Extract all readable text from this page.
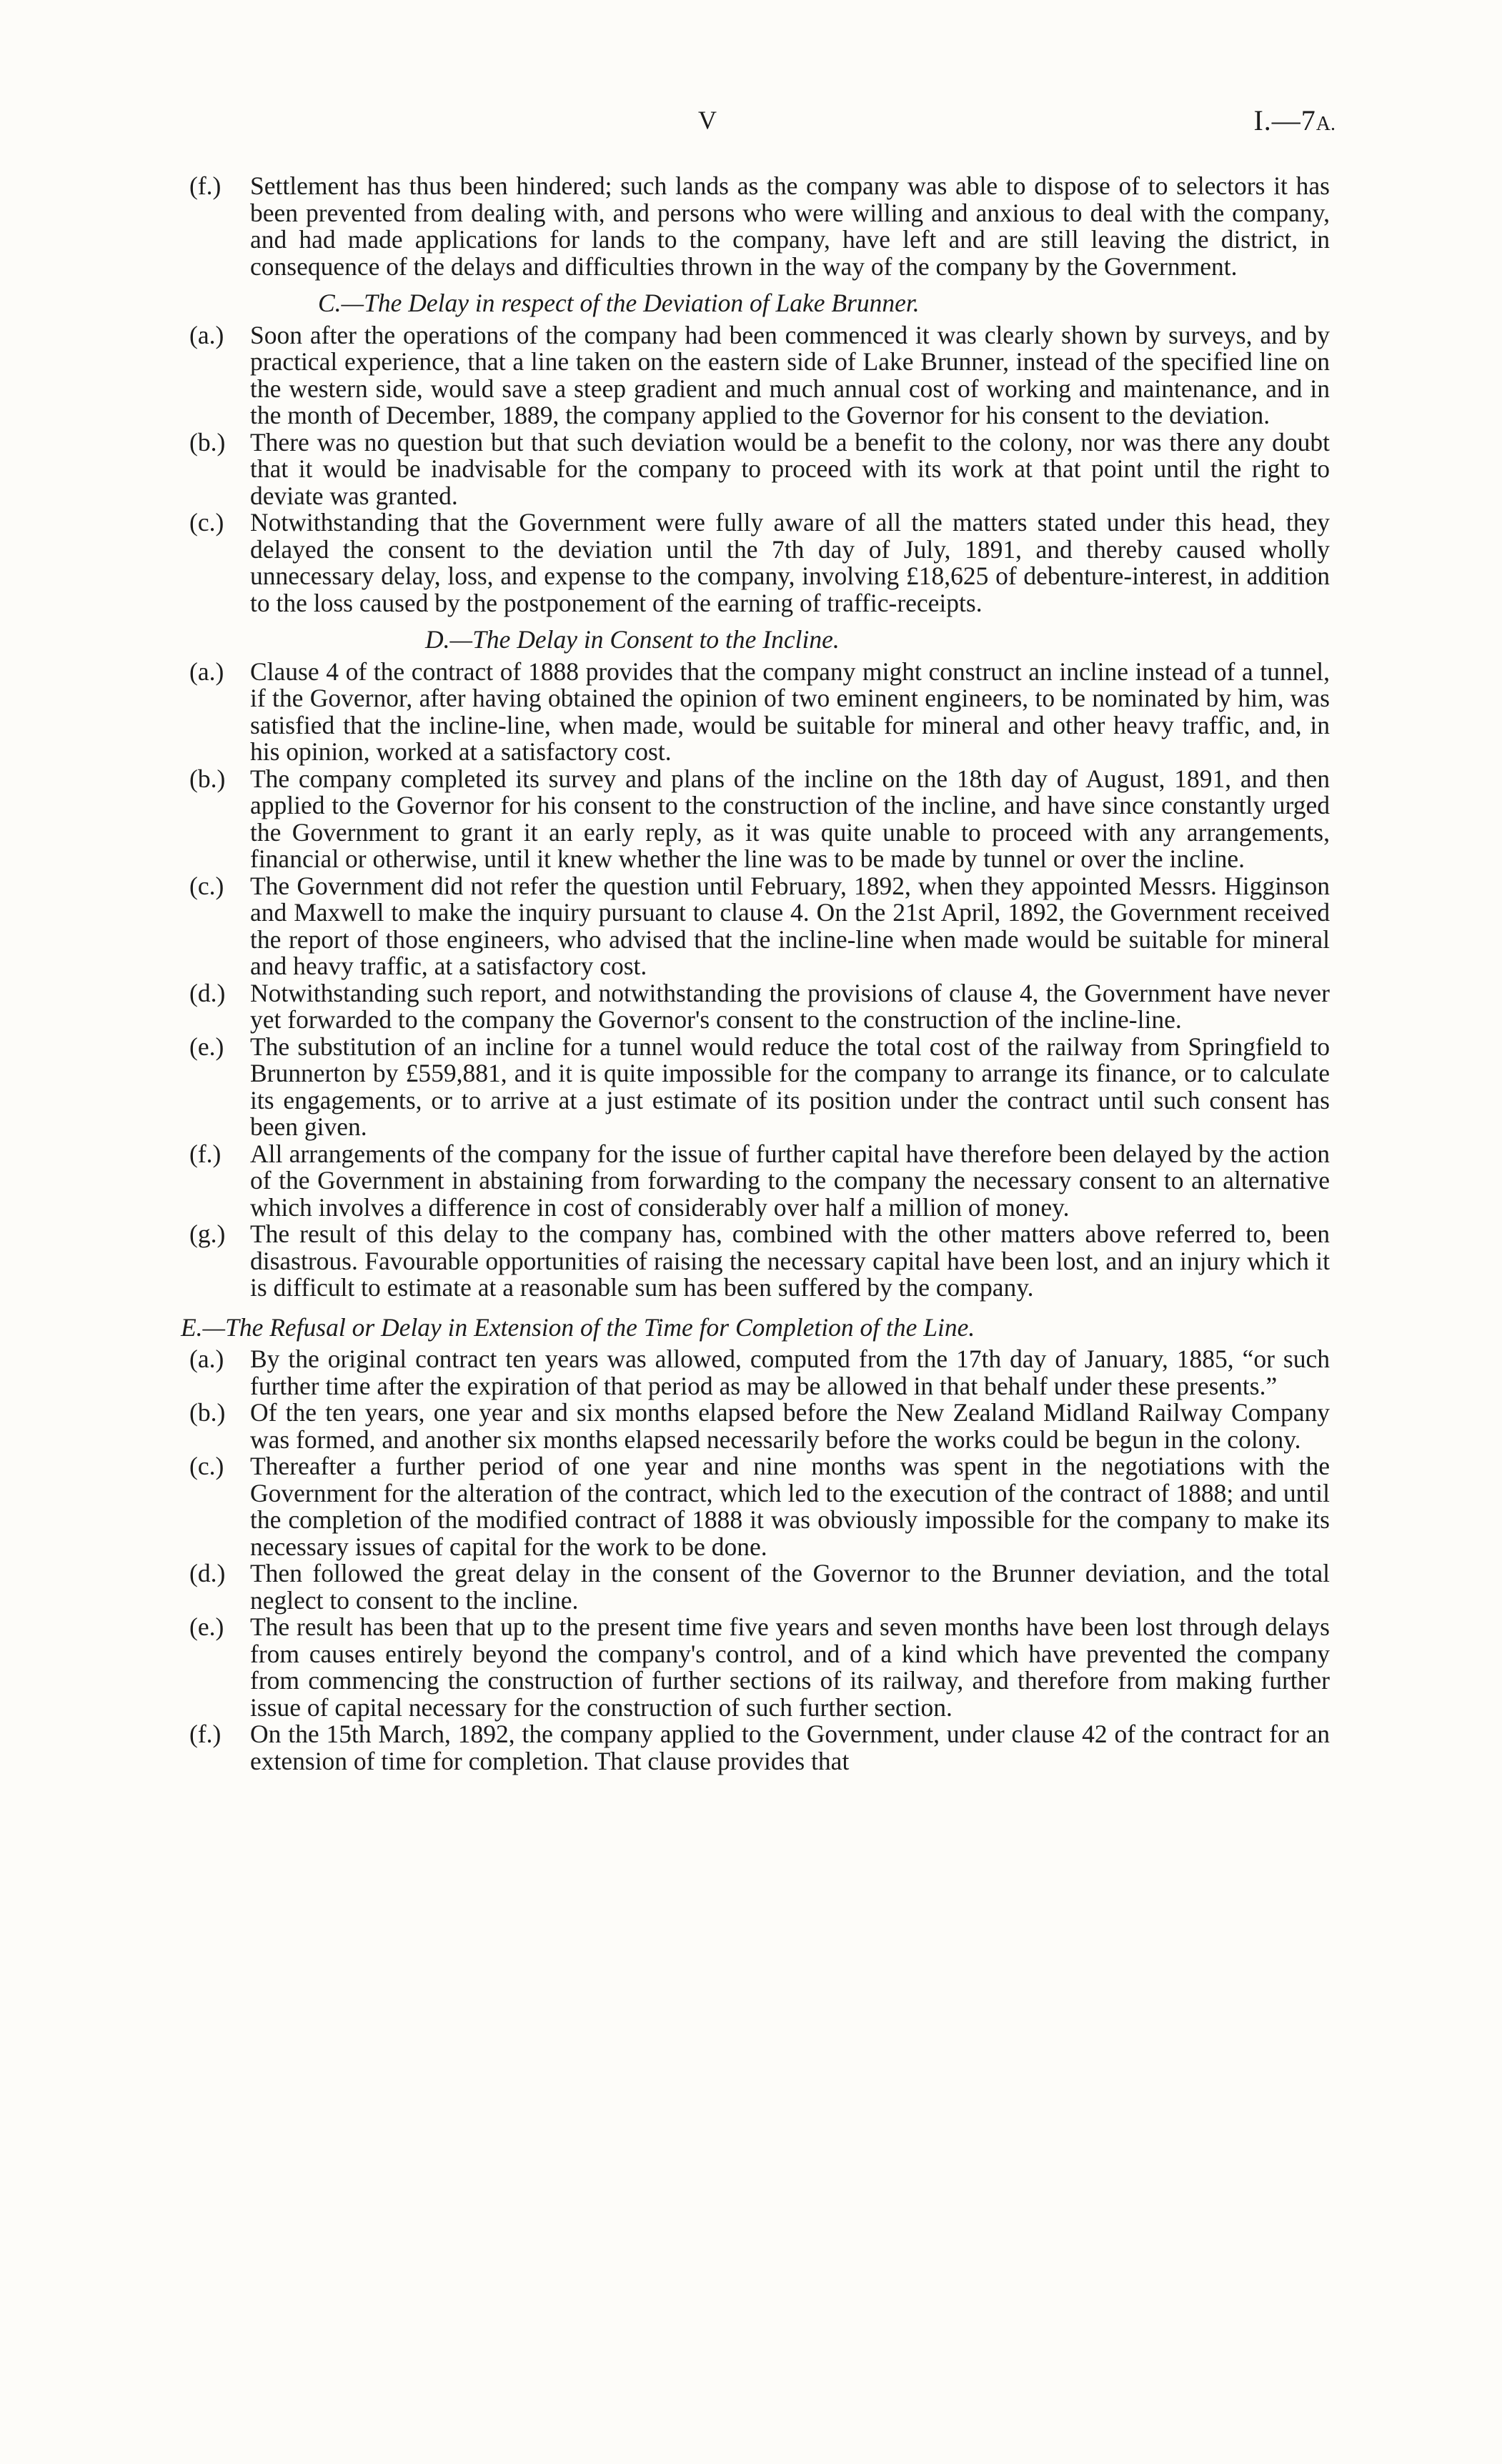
V	I.—7A.

(f.) Settlement has thus been hindered; such lands as the company was able to dispose of to selectors it has been prevented from dealing with, and persons who were willing and anxious to deal with the company, and had made applications for lands to the company, have left and are still leaving the district, in consequence of the delays and difficulties thrown in the way of the company by the Government.

C.—The Delay in respect of the Deviation of Lake Brunner.

(a.) Soon after the operations of the company had been commenced it was clearly shown by surveys, and by practical experience, that a line taken on the eastern side of Lake Brunner, instead of the specified line on the western side, would save a steep gradient and much annual cost of working and maintenance, and in the month of December, 1889, the company applied to the Governor for his consent to the deviation.

(b.) There was no question but that such deviation would be a benefit to the colony, nor was there any doubt that it would be inadvisable for the company to proceed with its work at that point until the right to deviate was granted.

(c.) Notwithstanding that the Government were fully aware of all the matters stated under this head, they delayed the consent to the deviation until the 7th day of July, 1891, and thereby caused wholly unnecessary delay, loss, and expense to the company, involving £18,625 of debenture-interest, in addition to the loss caused by the postponement of the earning of traffic-receipts.

D.—The Delay in Consent to the Incline.

(a.) Clause 4 of the contract of 1888 provides that the company might construct an incline instead of a tunnel, if the Governor, after having obtained the opinion of two eminent engineers, to be nominated by him, was satisfied that the incline-line, when made, would be suitable for mineral and other heavy traffic, and, in his opinion, worked at a satisfactory cost.

(b.) The company completed its survey and plans of the incline on the 18th day of August, 1891, and then applied to the Governor for his consent to the construction of the incline, and have since constantly urged the Government to grant it an early reply, as it was quite unable to proceed with any arrangements, financial or otherwise, until it knew whether the line was to be made by tunnel or over the incline.

(c.) The Government did not refer the question until February, 1892, when they appointed Messrs. Higginson and Maxwell to make the inquiry pursuant to clause 4. On the 21st April, 1892, the Government received the report of those engineers, who advised that the incline-line when made would be suitable for mineral and heavy traffic, at a satisfactory cost.

(d.) Notwithstanding such report, and notwithstanding the provisions of clause 4, the Government have never yet forwarded to the company the Governor's consent to the construction of the incline-line.

(e.) The substitution of an incline for a tunnel would reduce the total cost of the railway from Springfield to Brunnerton by £559,881, and it is quite impossible for the company to arrange its finance, or to calculate its engagements, or to arrive at a just estimate of its position under the contract until such consent has been given.

(f.) All arrangements of the company for the issue of further capital have therefore been delayed by the action of the Government in abstaining from forwarding to the company the necessary consent to an alternative which involves a difference in cost of considerably over half a million of money.

(g.) The result of this delay to the company has, combined with the other matters above referred to, been disastrous. Favourable opportunities of raising the necessary capital have been lost, and an injury which it is difficult to estimate at a reasonable sum has been suffered by the company.

E.—The Refusal or Delay in Extension of the Time for Completion of the Line.

(a.) By the original contract ten years was allowed, computed from the 17th day of January, 1885, “or such further time after the expiration of that period as may be allowed in that behalf under these presents.”

(b.) Of the ten years, one year and six months elapsed before the New Zealand Midland Railway Company was formed, and another six months elapsed necessarily before the works could be begun in the colony.

(c.) Thereafter a further period of one year and nine months was spent in the negotiations with the Government for the alteration of the contract, which led to the execution of the contract of 1888; and until the completion of the modified contract of 1888 it was obviously impossible for the company to make its necessary issues of capital for the work to be done.

(d.) Then followed the great delay in the consent of the Governor to the Brunner deviation, and the total neglect to consent to the incline.

(e.) The result has been that up to the present time five years and seven months have been lost through delays from causes entirely beyond the company's control, and of a kind which have prevented the company from commencing the construction of further sections of its railway, and therefore from making further issue of capital necessary for the construction of such further section.

(f.) On the 15th March, 1892, the company applied to the Government, under clause 42 of the contract for an extension of time for completion. That clause provides that
